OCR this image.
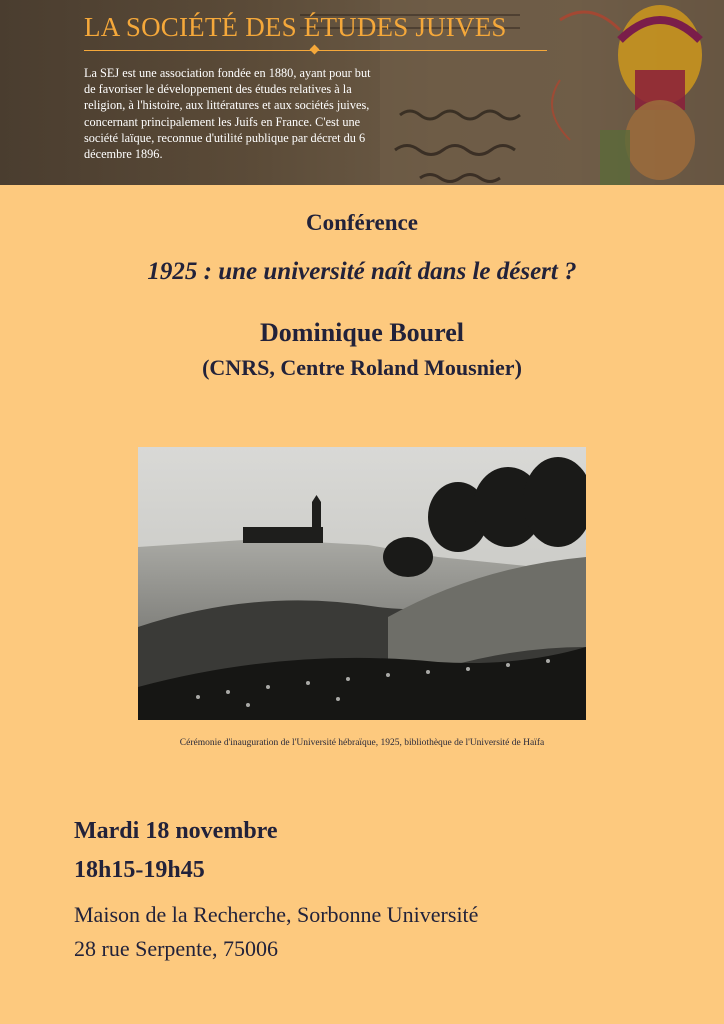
LA SOCIÉTÉ DES ÉTUDES JUIVES
La SEJ est une association fondée en 1880, ayant pour but de favoriser le développement des études relatives à la religion, à l'histoire, aux littératures et aux sociétés juives, concernant principalement les Juifs en France. C'est une société laïque, reconnue d'utilité publique par décret du 6 décembre 1896.
Conférence
1925 : une université naît dans le désert ?
Dominique Bourel
(CNRS, Centre Roland Mousnier)
Cérémonie d'inauguration de l'Université hébraïque, 1925, bibliothèque de l'Université de Haïfa
Mardi 18 novembre
18h15-19h45
Maison de la Recherche, Sorbonne Université
28 rue Serpente, 75006
